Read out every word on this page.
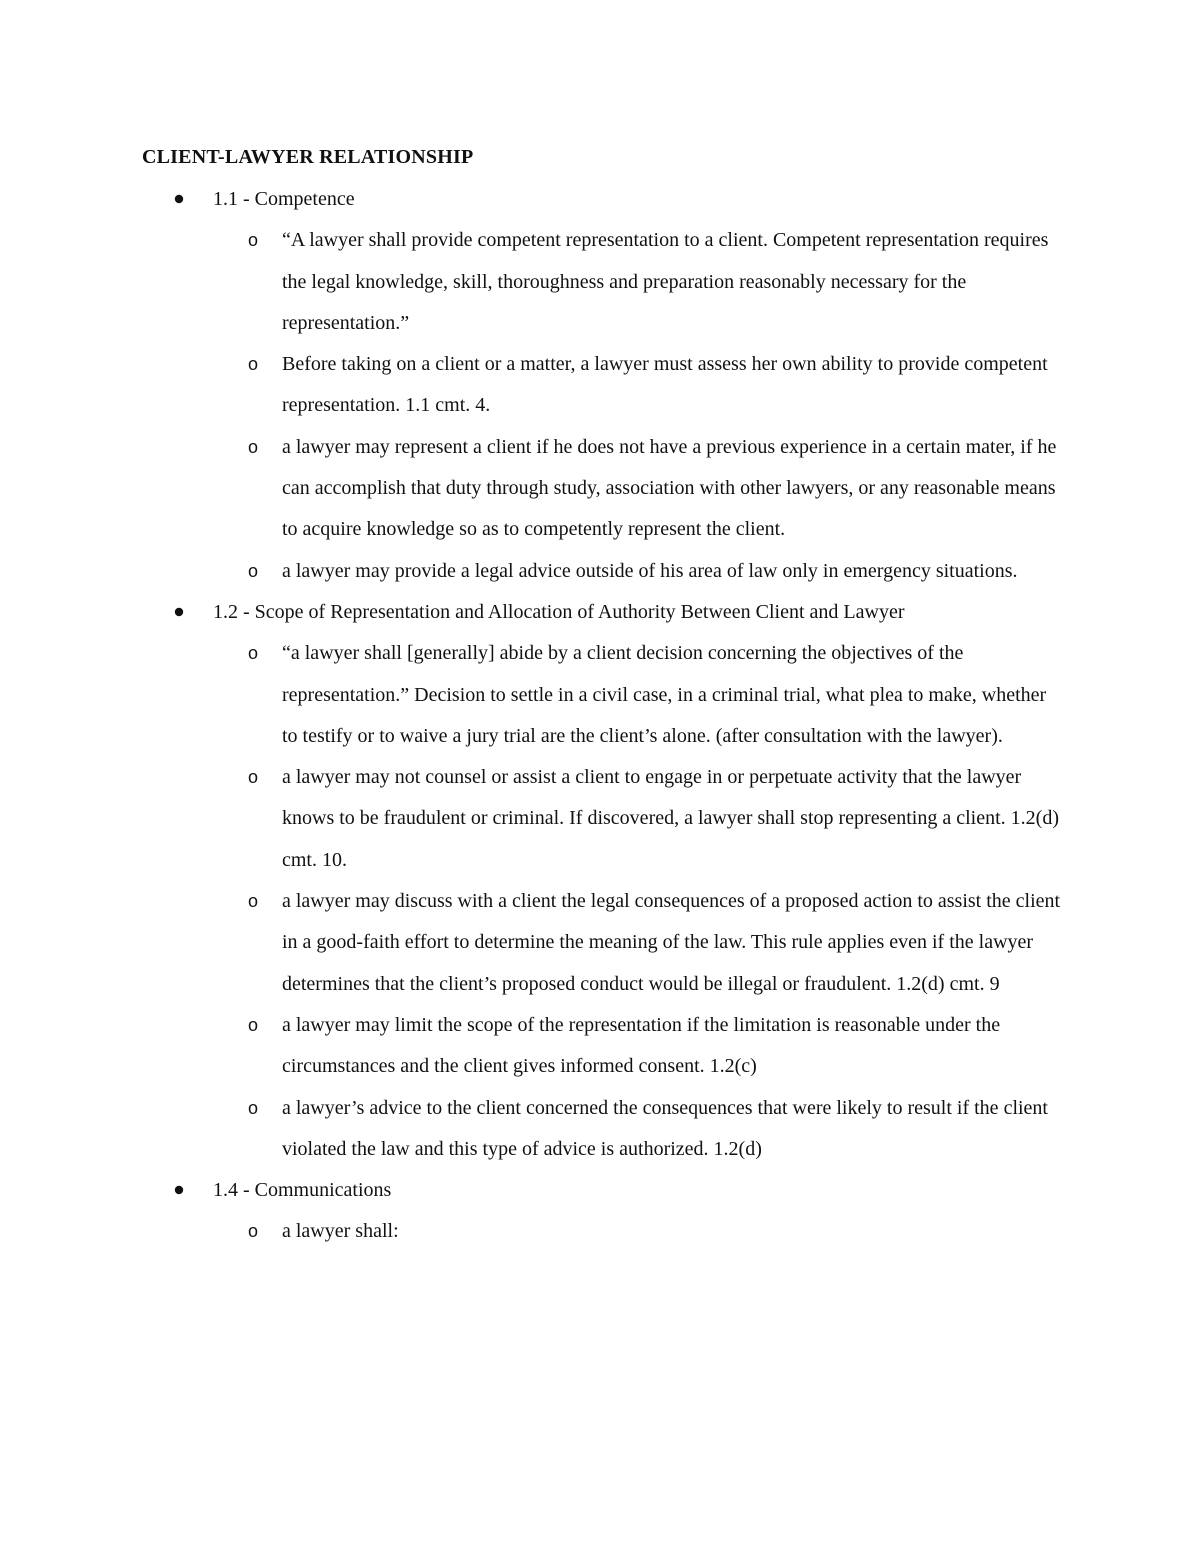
CLIENT-LAWYER RELATIONSHIP
1.1 - Competence
o “A lawyer shall provide competent representation to a client. Competent representation requires the legal knowledge, skill, thoroughness and preparation reasonably necessary for the representation.”
o Before taking on a client or a matter, a lawyer must assess her own ability to provide competent representation. 1.1 cmt. 4.
o a lawyer may represent a client if he does not have a previous experience in a certain mater, if he can accomplish that duty through study, association with other lawyers, or any reasonable means to acquire knowledge so as to competently represent the client.
o a lawyer may provide a legal advice outside of his area of law only in emergency situations.
1.2 - Scope of Representation and Allocation of Authority Between Client and Lawyer
o “a lawyer shall [generally] abide by a client decision concerning the objectives of the representation.” Decision to settle in a civil case, in a criminal trial, what plea to make, whether to testify or to waive a jury trial are the client’s alone. (after consultation with the lawyer).
o a lawyer may not counsel or assist a client to engage in or perpetuate activity that the lawyer knows to be fraudulent or criminal. If discovered, a lawyer shall stop representing a client. 1.2(d) cmt. 10.
o a lawyer may discuss with a client the legal consequences of a proposed action to assist the client in a good-faith effort to determine the meaning of the law. This rule applies even if the lawyer determines that the client’s proposed conduct would be illegal or fraudulent. 1.2(d) cmt. 9
o a lawyer may limit the scope of the representation if the limitation is reasonable under the circumstances and the client gives informed consent. 1.2(c)
o a lawyer’s advice to the client concerned the consequences that were likely to result if the client violated the law and this type of advice is authorized. 1.2(d)
1.4 - Communications
o a lawyer shall:
